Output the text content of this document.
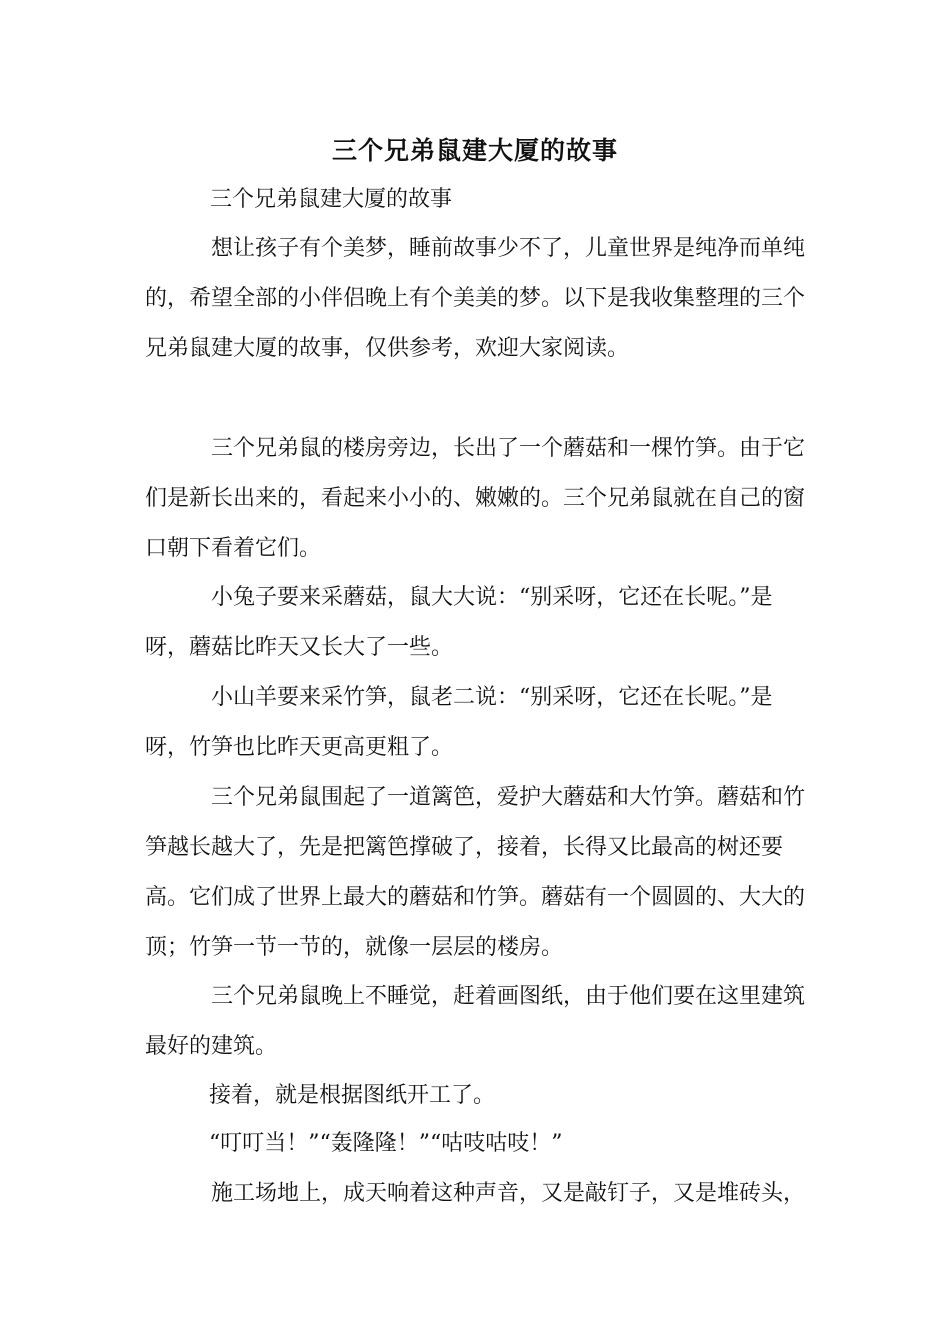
三个兄弟鼠建大厦的故事
三个兄弟鼠建大厦的故事

想让孩子有个美梦，睡前故事少不了，儿童世界是纯净而单纯的，希望全部的小伴侣晚上有个美美的梦。以下是我收集整理的三个兄弟鼠建大厦的故事，仅供参考，欢迎大家阅读。

三个兄弟鼠的楼房旁边，长出了一个蘑菇和一棵竹笋。由于它们是新长出来的，看起来小小的、嫩嫩的。三个兄弟鼠就在自己的窗口朝下看着它们。

小兔子要来采蘑菇，鼠大大说：“别采呀，它还在长呢。”是呀，蘑菇比昨天又长大了一些。

小山羊要来采竹笋，鼠老二说：“别采呀，它还在长呢。”是呀，竹笋也比昨天更高更粗了。

三个兄弟鼠围起了一道篱笆，爱护大蘑菇和大竹笋。蘑菇和竹笋越长越大了，先是把篱笆撑破了，接着，长得又比最高的树还要高。它们成了世界上最大的蘑菇和竹笋。蘑菇有一个圆圆的、大大的顶；竹笋一节一节的，就像一层层的楼房。

三个兄弟鼠晚上不睡觉，赶着画图纸，由于他们要在这里建筑最好的建筑。

接着，就是根据图纸开工了。

“叮叮当！”“轰隆隆！”“咕吱咕吱！”

施工场地上，成天响着这种声音，又是敲钉子，又是堆砖头，
